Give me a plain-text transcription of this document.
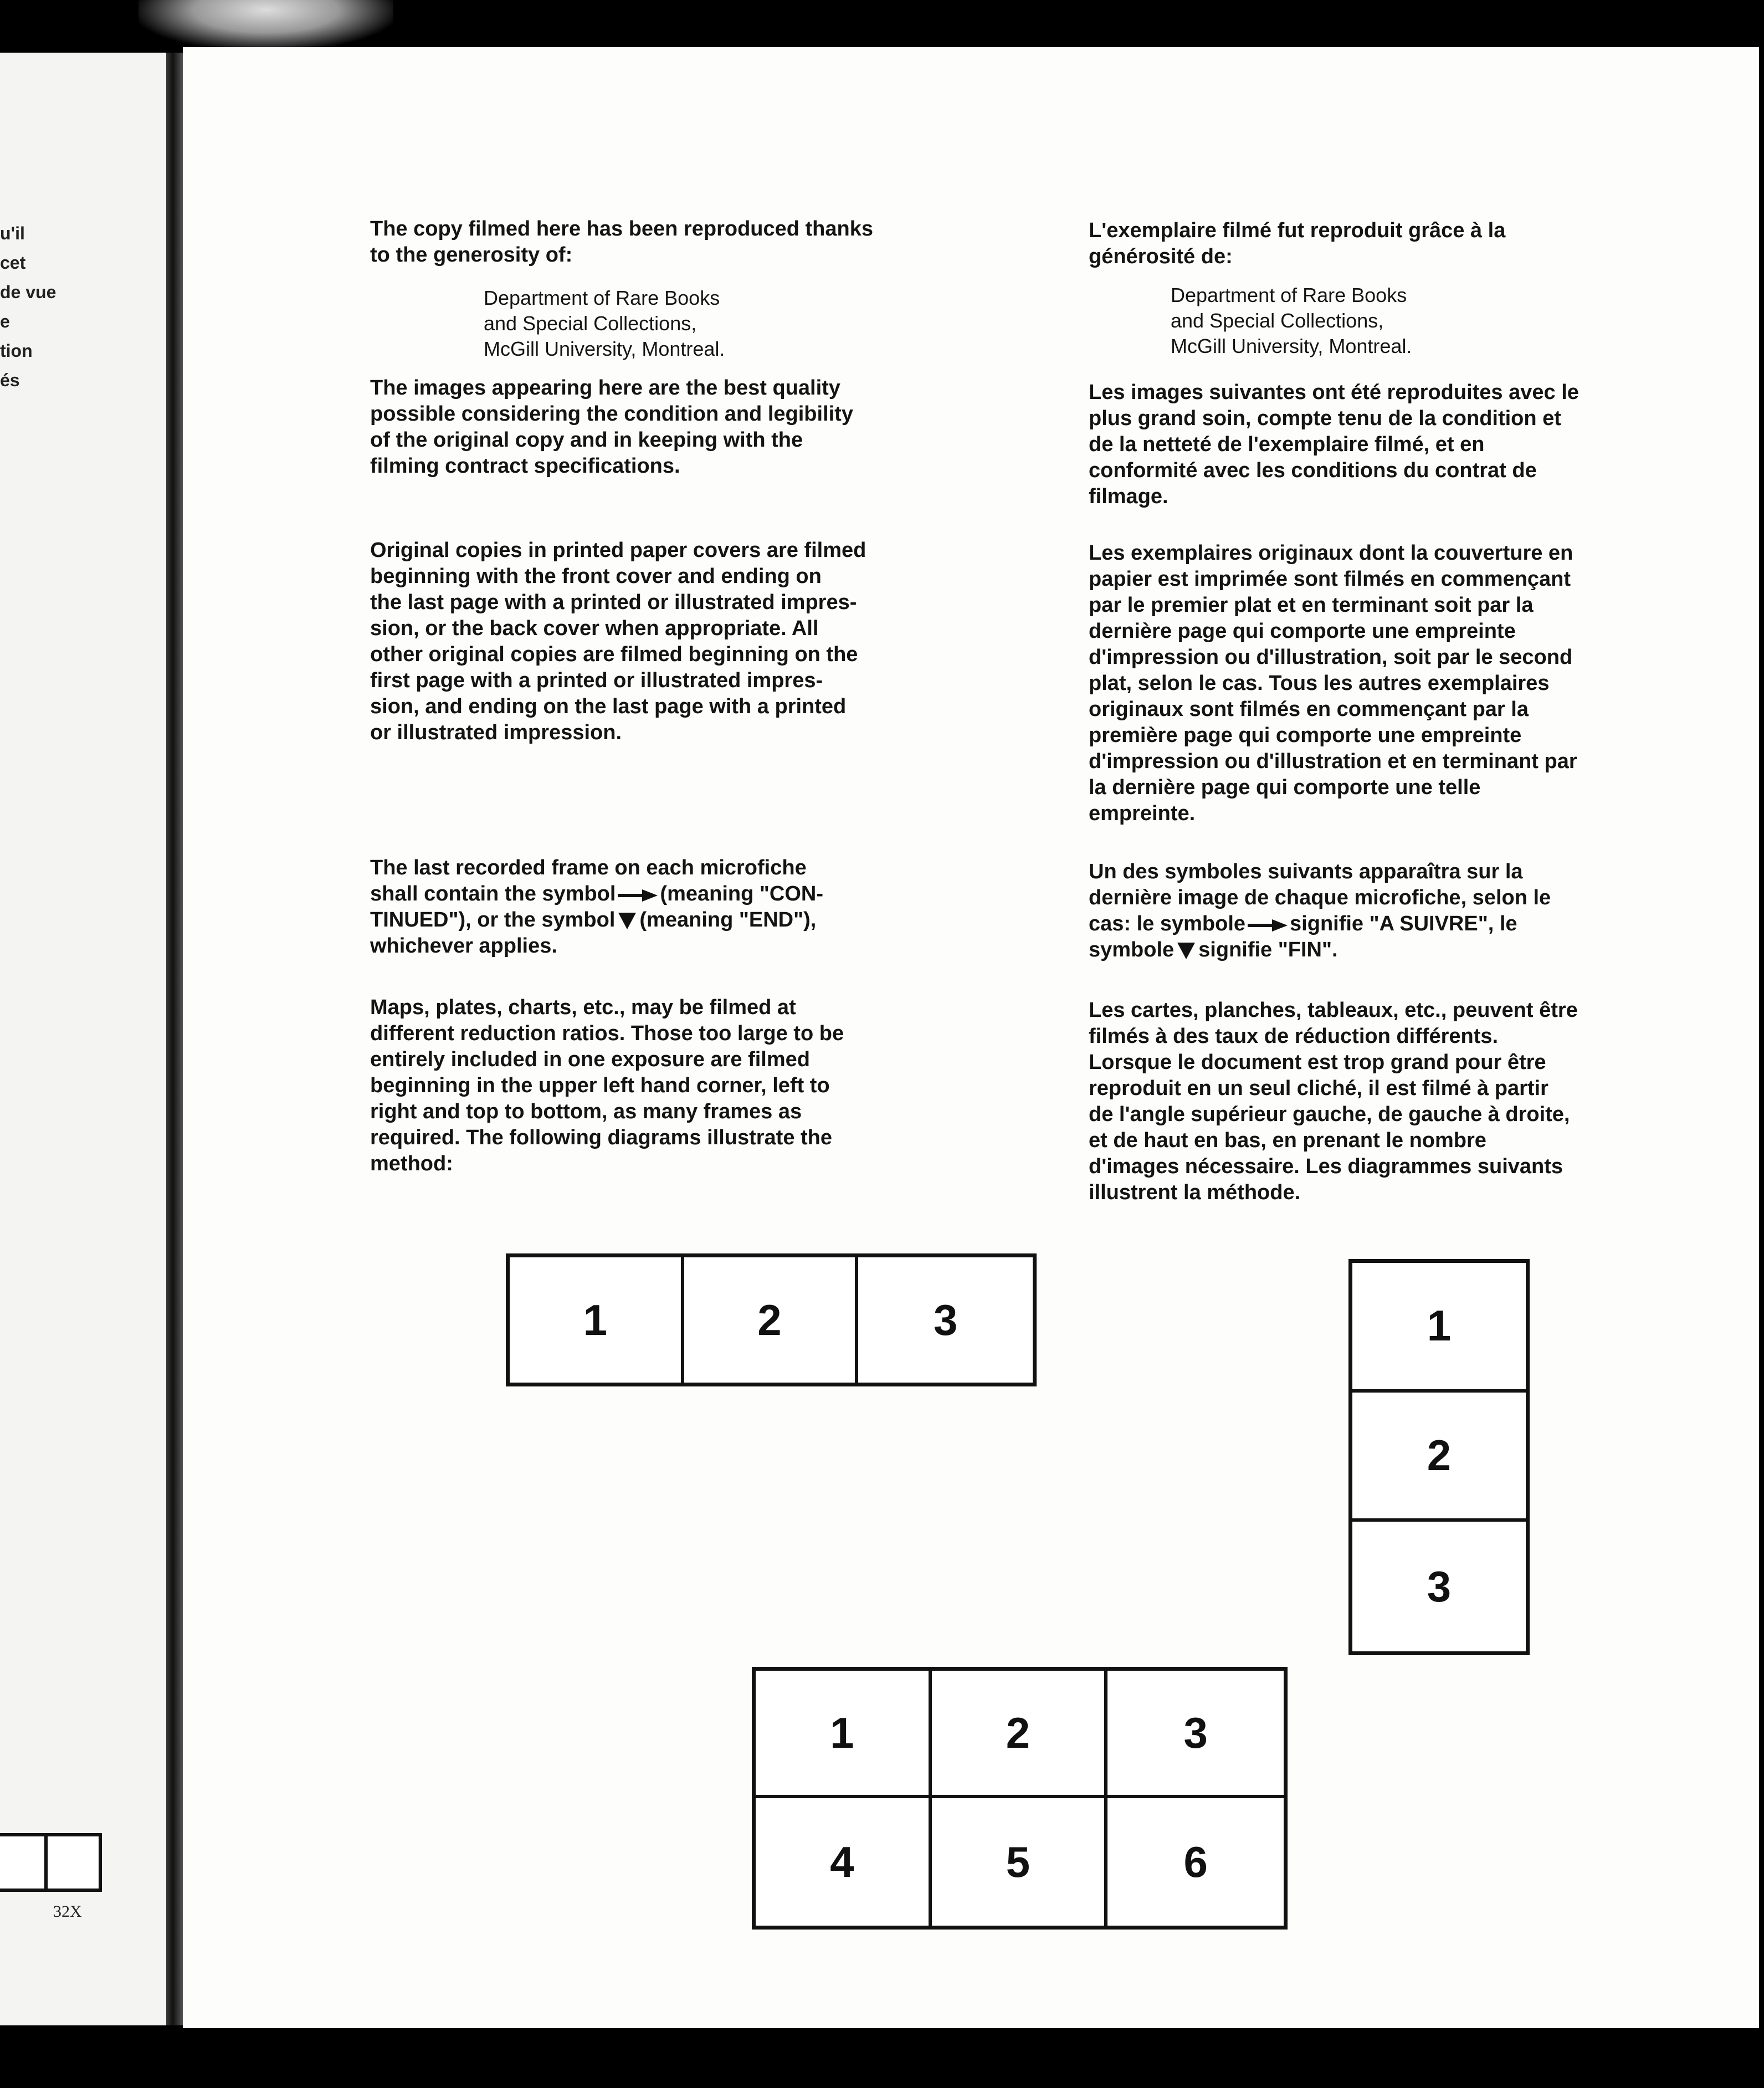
u'il
cet
de vue
e
tion
és
32X

The copy filmed here has been reproduced thanks
to the generosity of:

Department of Rare Books
and Special Collections,
McGill University, Montreal.

The images appearing here are the best quality
possible considering the condition and legibility
of the original copy and in keeping with the
filming contract specifications.

Original copies in printed paper covers are filmed
beginning with the front cover and ending on
the last page with a printed or illustrated impres-
sion, or the back cover when appropriate. All
other original copies are filmed beginning on the
first page with a printed or illustrated impres-
sion, and ending on the last page with a printed
or illustrated impression.

The last recorded frame on each microfiche
shall contain the symbol (meaning "CON-
TINUED"), or the symbol (meaning "END"),
whichever applies.

Maps, plates, charts, etc., may be filmed at
different reduction ratios. Those too large to be
entirely included in one exposure are filmed
beginning in the upper left hand corner, left to
right and top to bottom, as many frames as
required. The following diagrams illustrate the
method:

L'exemplaire filmé fut reproduit grâce à la
générosité de:

Department of Rare Books
and Special Collections,
McGill University, Montreal.

Les images suivantes ont été reproduites avec le
plus grand soin, compte tenu de la condition et
de la netteté de l'exemplaire filmé, et en
conformité avec les conditions du contrat de
filmage.

Les exemplaires originaux dont la couverture en
papier est imprimée sont filmés en commençant
par le premier plat et en terminant soit par la
dernière page qui comporte une empreinte
d'impression ou d'illustration, soit par le second
plat, selon le cas. Tous les autres exemplaires
originaux sont filmés en commençant par la
première page qui comporte une empreinte
d'impression ou d'illustration et en terminant par
la dernière page qui comporte une telle
empreinte.

Un des symboles suivants apparaîtra sur la
dernière image de chaque microfiche, selon le
cas: le symbole signifie "A SUIVRE", le
symbole signifie "FIN".

Les cartes, planches, tableaux, etc., peuvent être
filmés à des taux de réduction différents.
Lorsque le document est trop grand pour être
reproduit en un seul cliché, il est filmé à partir
de l'angle supérieur gauche, de gauche à droite,
et de haut en bas, en prenant le nombre
d'images nécessaire. Les diagrammes suivants
illustrent la méthode.

1	2	3	1
2
3
1	2	3
4	5	6
